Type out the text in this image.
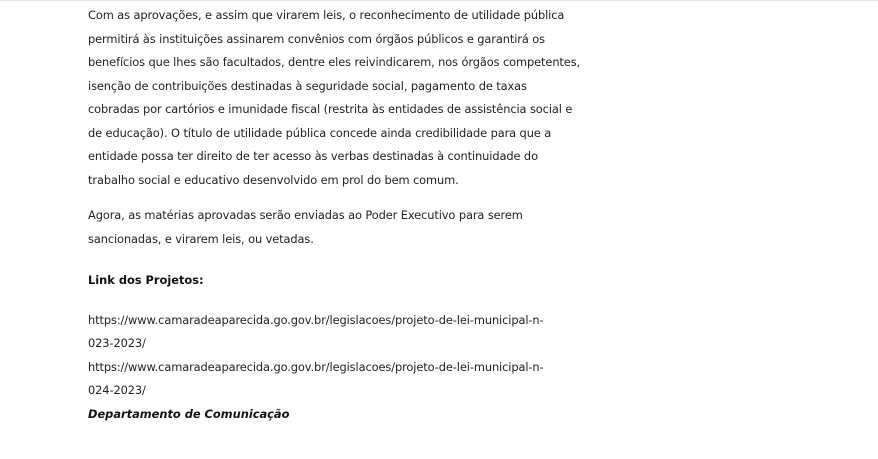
Com as aprovações, e assim que virarem leis, o reconhecimento de utilidade pública
permitirá às instituições assinarem convênios com órgãos públicos e garantirá os
benefícios que lhes são facultados, dentre eles reivindicarem, nos órgãos competentes,
isenção de contribuições destinadas à seguridade social, pagamento de taxas
cobradas por cartórios e imunidade fiscal (restrita às entidades de assistência social e
de educação). O título de utilidade pública concede ainda credibilidade para que a
entidade possa ter direito de ter acesso às verbas destinadas à continuidade do
trabalho social e educativo desenvolvido em prol do bem comum.

Agora, as matérias aprovadas serão enviadas ao Poder Executivo para serem
sancionadas, e virarem leis, ou vetadas.

Link dos Projetos:

https://www.camaradeaparecida.go.gov.br/legislacoes/projeto-de-lei-municipal-n-
023-2023/
https://www.camaradeaparecida.go.gov.br/legislacoes/projeto-de-lei-municipal-n-
024-2023/

Departamento de Comunicação
